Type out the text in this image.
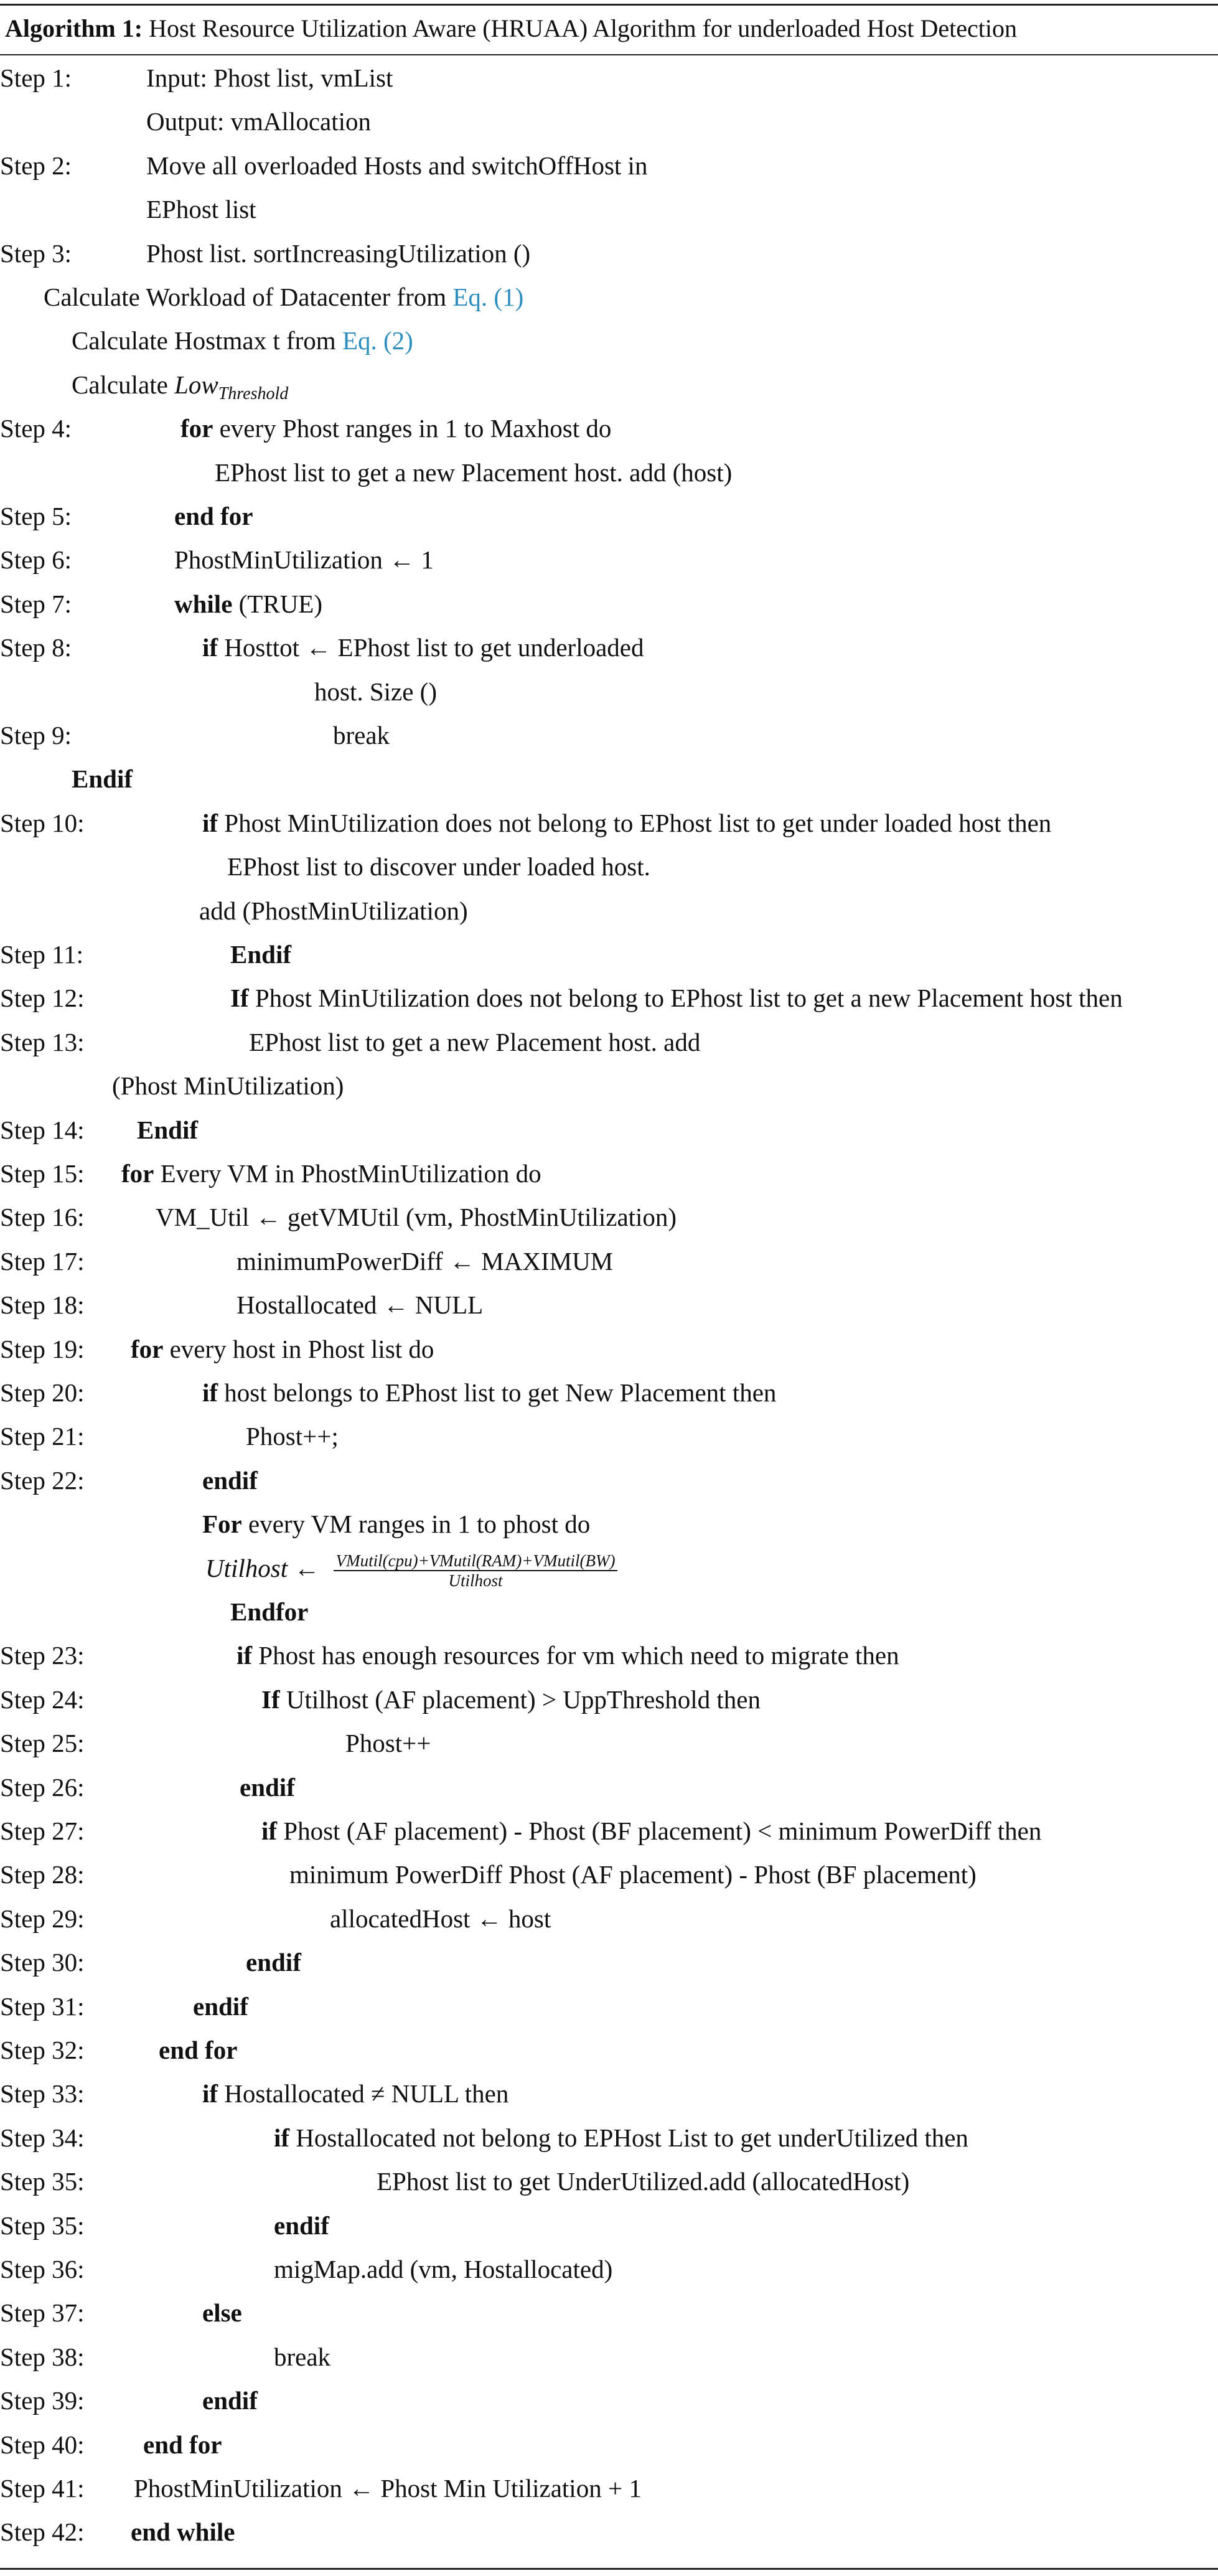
Algorithm 1: Host Resource Utilization Aware (HRUAA) Algorithm for underloaded Host Detection
Step 1:	Input: Phost list, vmList
Output: vmAllocation
Step 2:	Move all overloaded Hosts and switchOffHost in
EPhost list
Step 3:	Phost list. sortIncreasingUtilization ()
Calculate Workload of Datacenter from Eq. (1)
Calculate Hostmax t from Eq. (2)
Calculate Low$_{Threshold}$
Step 4:	for every Phost ranges in 1 to Maxhost do
EPhost list to get a new Placement host. add (host)
Step 5:	end for
Step 6:	PhostMinUtilization ← 1
Step 7:	while (TRUE)
Step 8:	if Hosttot ← EPhost list to get underloaded
host. Size ()
Step 9:	break
Endif
Step 10:	if Phost MinUtilization does not belong to EPhost list to get under loaded host then
EPhost list to discover under loaded host.
add (PhostMinUtilization)
Step 11:	Endif
Step 12:	If Phost MinUtilization does not belong to EPhost list to get a new Placement host then
Step 13:	EPhost list to get a new Placement host. add
(Phost MinUtilization)
Step 14: Endif
Step 15: for Every VM in PhostMinUtilization do
Step 16:	VM_Util ← getVMUtil (vm, PhostMinUtilization)
Step 17:	minimumPowerDiff ← MAXIMUM
Step 18:	Hostallocated ← NULL
Step 19: for every host in Phost list do
Step 20:	if host belongs to EPhost list to get New Placement then
Step 21:	Phost++;
Step 22:	endif
For every VM ranges in 1 to phost do
Utilhost ← $\frac{\text{VMutil(cpu)+VMutil(RAM)+VMutil(BW)}}{\text{Utilhost}}$
Endfor
Step 23:	if Phost has enough resources for vm which need to migrate then
Step 24:	If Utilhost (AF placement) > UppThreshold then
Step 25:	Phost++
Step 26:	endif
Step 27:	if Phost (AF placement) - Phost (BF placement) < minimum PowerDiff then
Step 28:	minimum PowerDiff Phost (AF placement) - Phost (BF placement)
Step 29:	allocatedHost ← host
Step 30:	endif
Step 31:	endif
Step 32:	end for
Step 33:	if Hostallocated ≠ NULL then
Step 34:	if Hostallocated not belong to EPHost List to get underUtilized then
Step 35:	EPhost list to get UnderUtilized.add (allocatedHost)
Step 35:	endif
Step 36:	migMap.add (vm, Hostallocated)
Step 37:	else
Step 38:	break
Step 39:	endif
Step 40: end for
Step 41: PhostMinUtilization ← Phost Min Utilization + 1
Step 42: end while
